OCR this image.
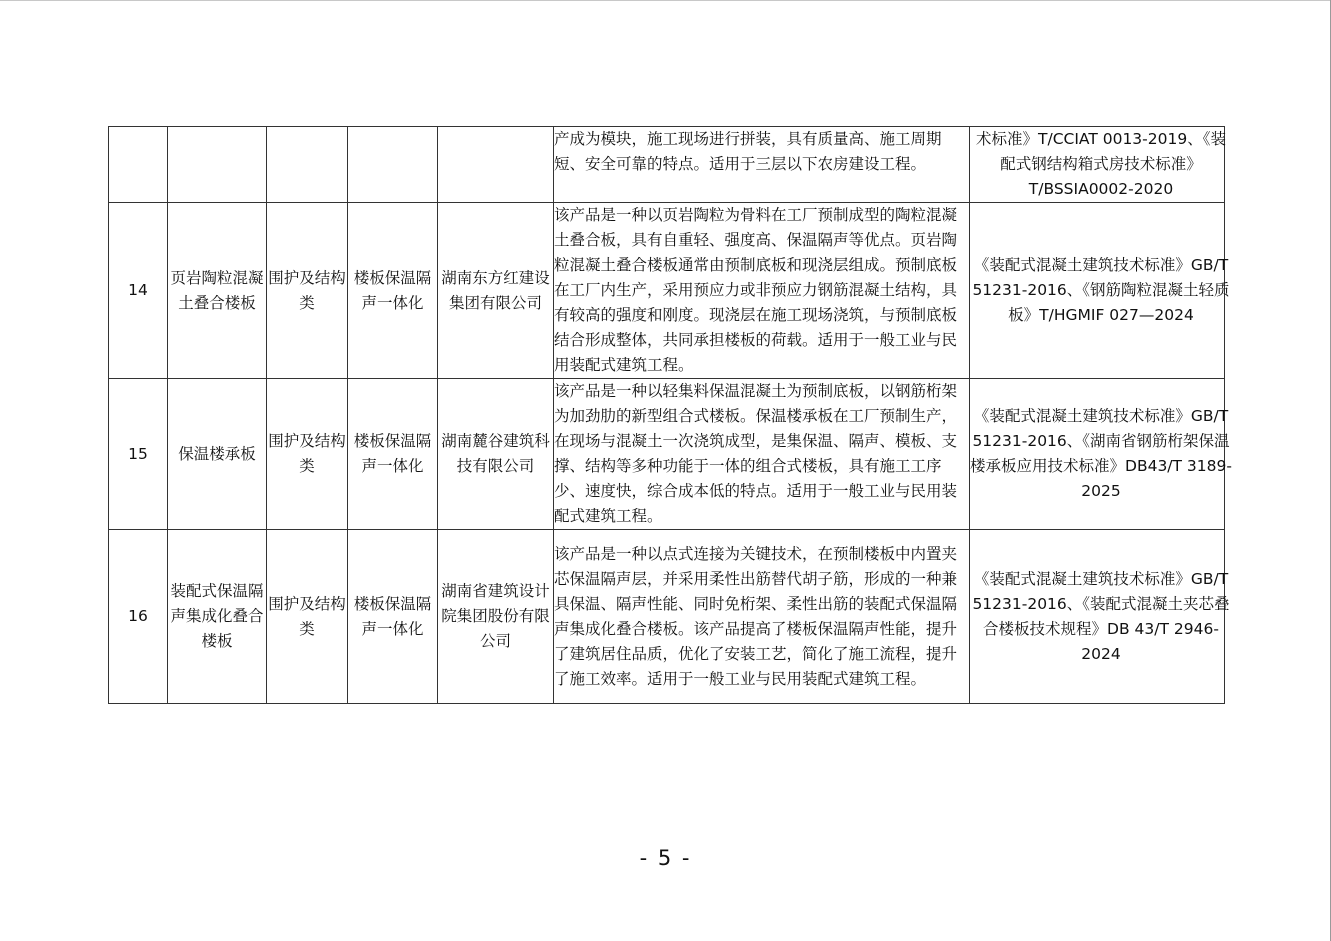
					产成为模块，施工现场进行拼装，具有质量高、施工周期短、安全可靠的特点。适用于三层以下农房建设工程。	术标准》T/CCIAT 0013-2019、《装配式钢结构箱式房技术标准》T/BSSIA0002-2020

14	页岩陶粒混凝土叠合楼板	围护及结构类	楼板保温隔声一体化	湖南东方红建设集团有限公司	该产品是一种以页岩陶粒为骨料在工厂预制成型的陶粒混凝土叠合板，具有自重轻、强度高、保温隔声等优点。页岩陶粒混凝土叠合楼板通常由预制底板和现浇层组成。预制底板在工厂内生产，采用预应力或非预应力钢筋混凝土结构，具有较高的强度和刚度。现浇层在施工现场浇筑，与预制底板结合形成整体，共同承担楼板的荷载。适用于一般工业与民用装配式建筑工程。	《装配式混凝土建筑技术标准》GB/T 51231-2016、《钢筋陶粒混凝土轻质板》T/HGMIF 027—2024

15	保温楼承板	围护及结构类	楼板保温隔声一体化	湖南麓谷建筑科技有限公司	该产品是一种以轻集料保温混凝土为预制底板，以钢筋桁架为加劲肋的新型组合式楼板。保温楼承板在工厂预制生产，在现场与混凝土一次浇筑成型，是集保温、隔声、模板、支撑、结构等多种功能于一体的组合式楼板，具有施工工序少、速度快，综合成本低的特点。适用于一般工业与民用装配式建筑工程。	《装配式混凝土建筑技术标准》GB/T 51231-2016、《湖南省钢筋桁架保温楼承板应用技术标准》DB43/T 3189-2025

16	装配式保温隔声集成化叠合楼板	围护及结构类	楼板保温隔声一体化	湖南省建筑设计院集团股份有限公司	该产品是一种以点式连接为关键技术，在预制楼板中内置夹芯保温隔声层，并采用柔性出筋替代胡子筋，形成的一种兼具保温、隔声性能、同时免桁架、柔性出筋的装配式保温隔声集成化叠合楼板。该产品提高了楼板保温隔声性能，提升了建筑居住品质，优化了安装工艺，简化了施工流程，提升了施工效率。适用于一般工业与民用装配式建筑工程。	《装配式混凝土建筑技术标准》GB/T 51231-2016、《装配式混凝土夹芯叠合楼板技术规程》DB 43/T 2946-2024
- 5 -
